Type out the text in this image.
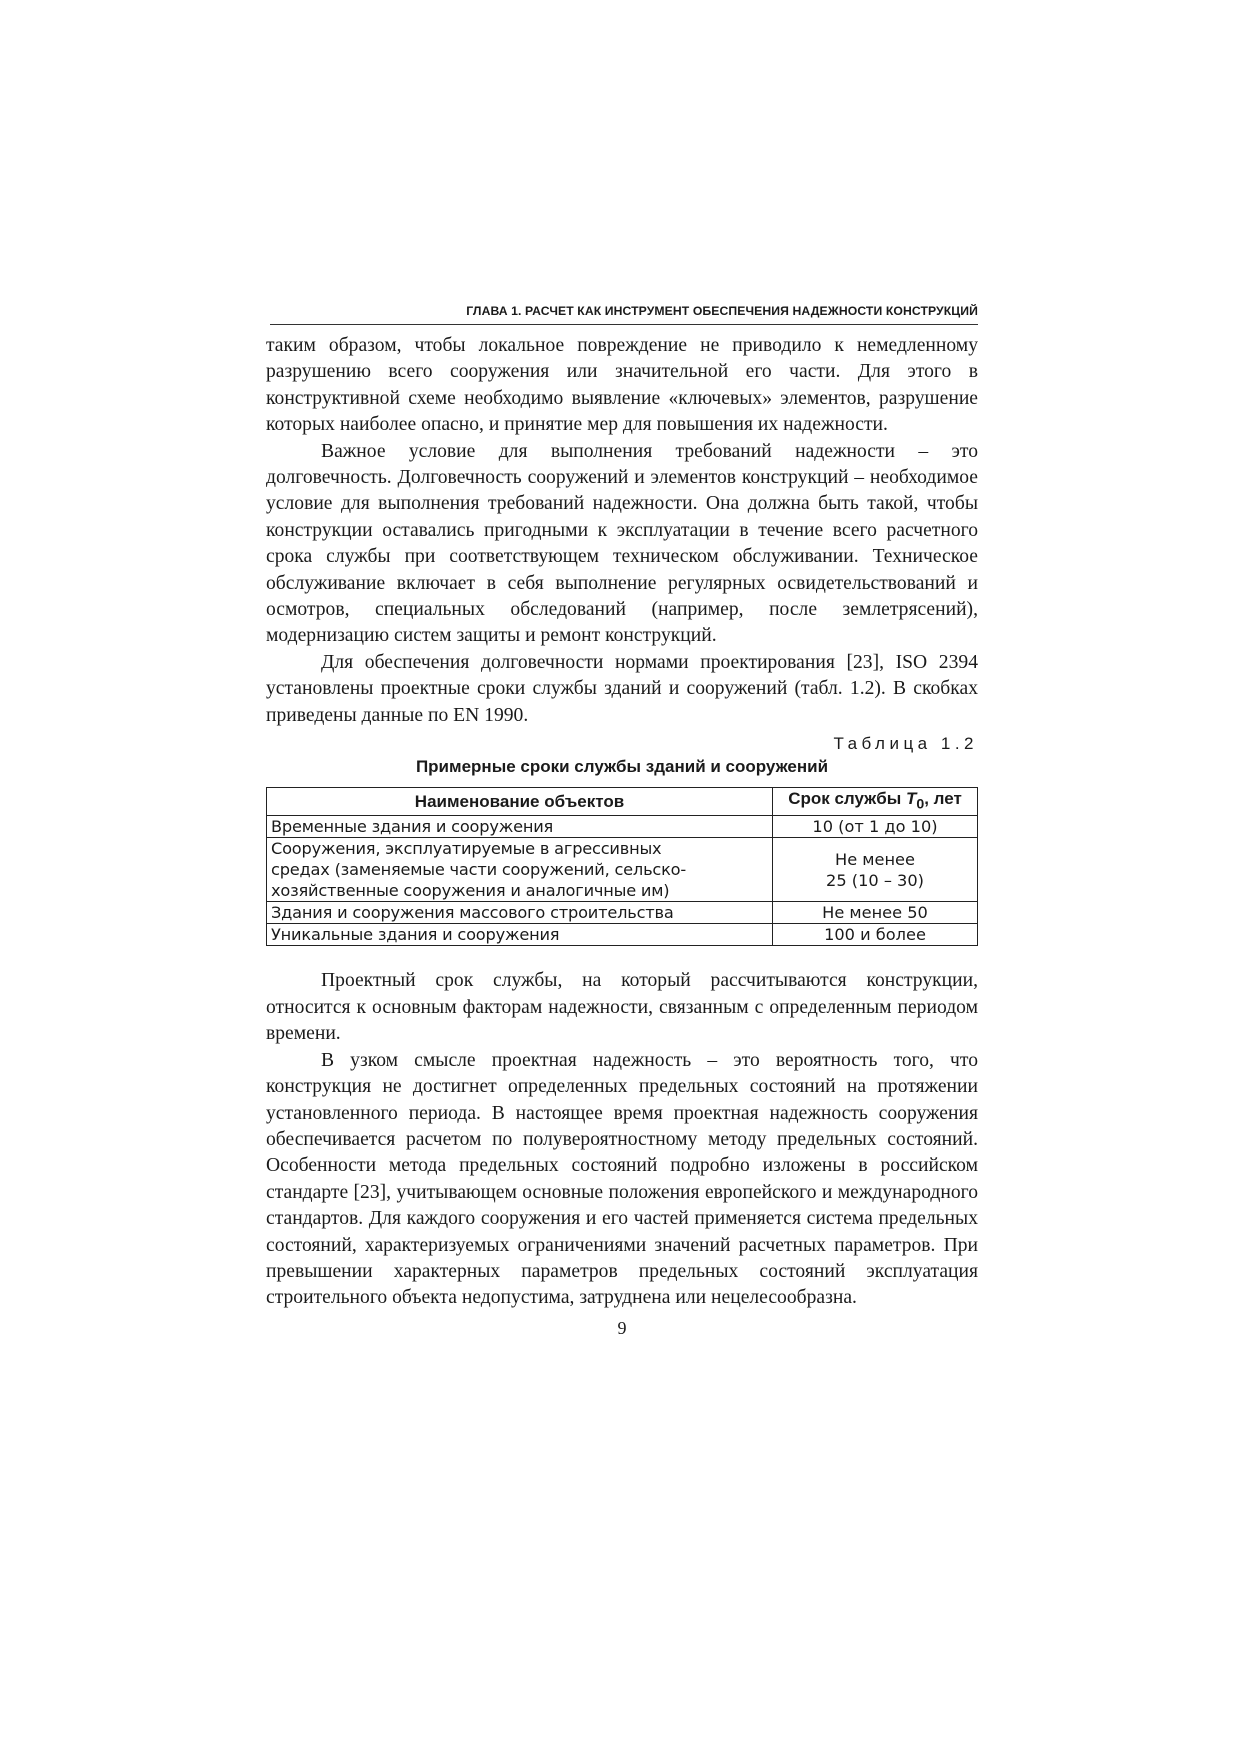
ГЛАВА 1. РАСЧЕТ КАК ИНСТРУМЕНТ ОБЕСПЕЧЕНИЯ НАДЕЖНОСТИ КОНСТРУКЦИЙ

таким образом, чтобы локальное повреждение не приводило к немедленному разрушению всего сооружения или значительной его части. Для этого в конструктивной схеме необходимо выявление «ключевых» элементов, разрушение которых наиболее опасно, и принятие мер для повышения их надежности.

Важное условие для выполнения требований надежности – это долговечность. Долговечность сооружений и элементов конструкций – необходимое условие для выполнения требований надежности. Она должна быть такой, чтобы конструкции оставались пригодными к эксплуатации в течение всего расчетного срока службы при соответствующем техническом обслуживании. Техническое обслуживание включает в себя выполнение регулярных освидетельствований и осмотров, специальных обследований (например, после землетрясений), модернизацию систем защиты и ремонт конструкций.

Для обеспечения долговечности нормами проектирования [23], ISO 2394 установлены проектные сроки службы зданий и сооружений (табл. 1.2). В скобках приведены данные по EN 1990.

Таблица 1.2
Примерные сроки службы зданий и сооружений
Наименование объектов	Срок службы $T_0$, лет
Временные здания и сооружения	10 (от 1 до 10)
Сооружения, эксплуатируемые в агрессивных
средах (заменяемые части сооружений, сельско-
хозяйственные сооружения и аналогичные им)	Не менее
25 (10 – 30)
Здания и сооружения массового строительства	Не менее 50
Уникальные здания и сооружения	100 и более

Проектный срок службы, на который рассчитываются конструкции, относится к основным факторам надежности, связанным с определенным периодом времени.

В узком смысле проектная надежность – это вероятность того, что конструкция не достигнет определенных предельных состояний на протяжении установленного периода. В настоящее время проектная надежность сооружения обеспечивается расчетом по полувероятностному методу предельных состояний. Особенности метода предельных состояний подробно изложены в российском стандарте [23], учитывающем основные положения европейского и международного стандартов. Для каждого сооружения и его частей применяется система предельных состояний, характеризуемых ограничениями значений расчетных параметров. При превышении характерных параметров предельных состояний эксплуатация строительного объекта недопустима, затруднена или нецелесообразна.

9
